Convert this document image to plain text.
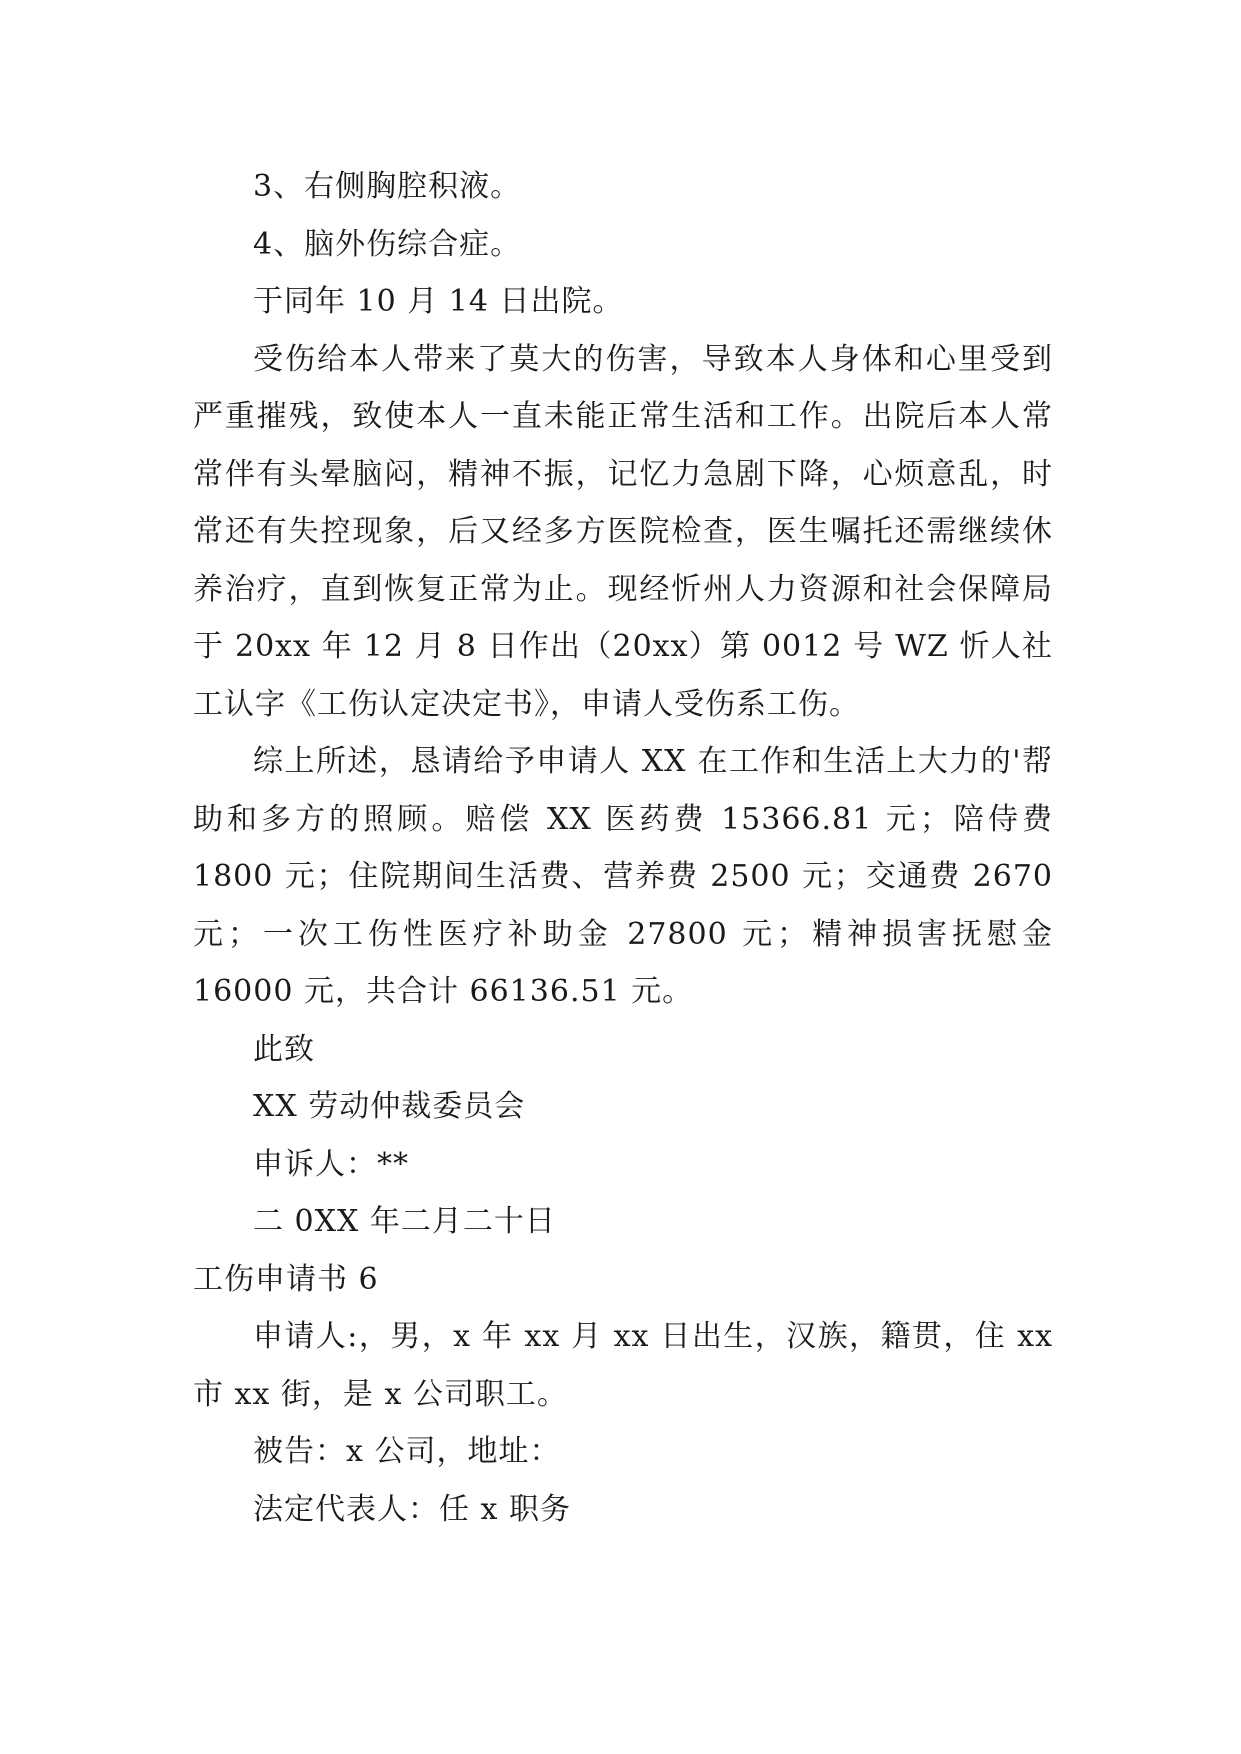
3、右侧胸腔积液。

4、脑外伤综合症。

于同年 10 月 14 日出院。

受伤给本人带来了莫大的伤害，导致本人身体和心里受到严重摧残，致使本人一直未能正常生活和工作。出院后本人常常伴有头晕脑闷，精神不振，记忆力急剧下降，心烦意乱，时常还有失控现象，后又经多方医院检查，医生嘱托还需继续休养治疗，直到恢复正常为止。现经忻州人力资源和社会保障局于 20xx 年 12 月 8 日作出（20xx）第 0012 号 WZ 忻人社工认字《工伤认定决定书》，申请人受伤系工伤。

综上所述，恳请给予申请人 XX 在工作和生活上大力的'帮助和多方的照顾。赔偿 XX 医药费 15366.81 元；陪侍费 1800 元；住院期间生活费、营养费 2500 元；交通费 2670 元；一次工伤性医疗补助金 27800 元；精神损害抚慰金 16000 元，共合计 66136.51 元。

此致

XX 劳动仲裁委员会

申诉人：**

二 0XX 年二月二十日

工伤申请书 6

申请人:，男，x 年 xx 月 xx 日出生，汉族，籍贯，住 xx 市 xx 街，是 x 公司职工。

被告：x 公司，地址：

法定代表人：任 x 职务
